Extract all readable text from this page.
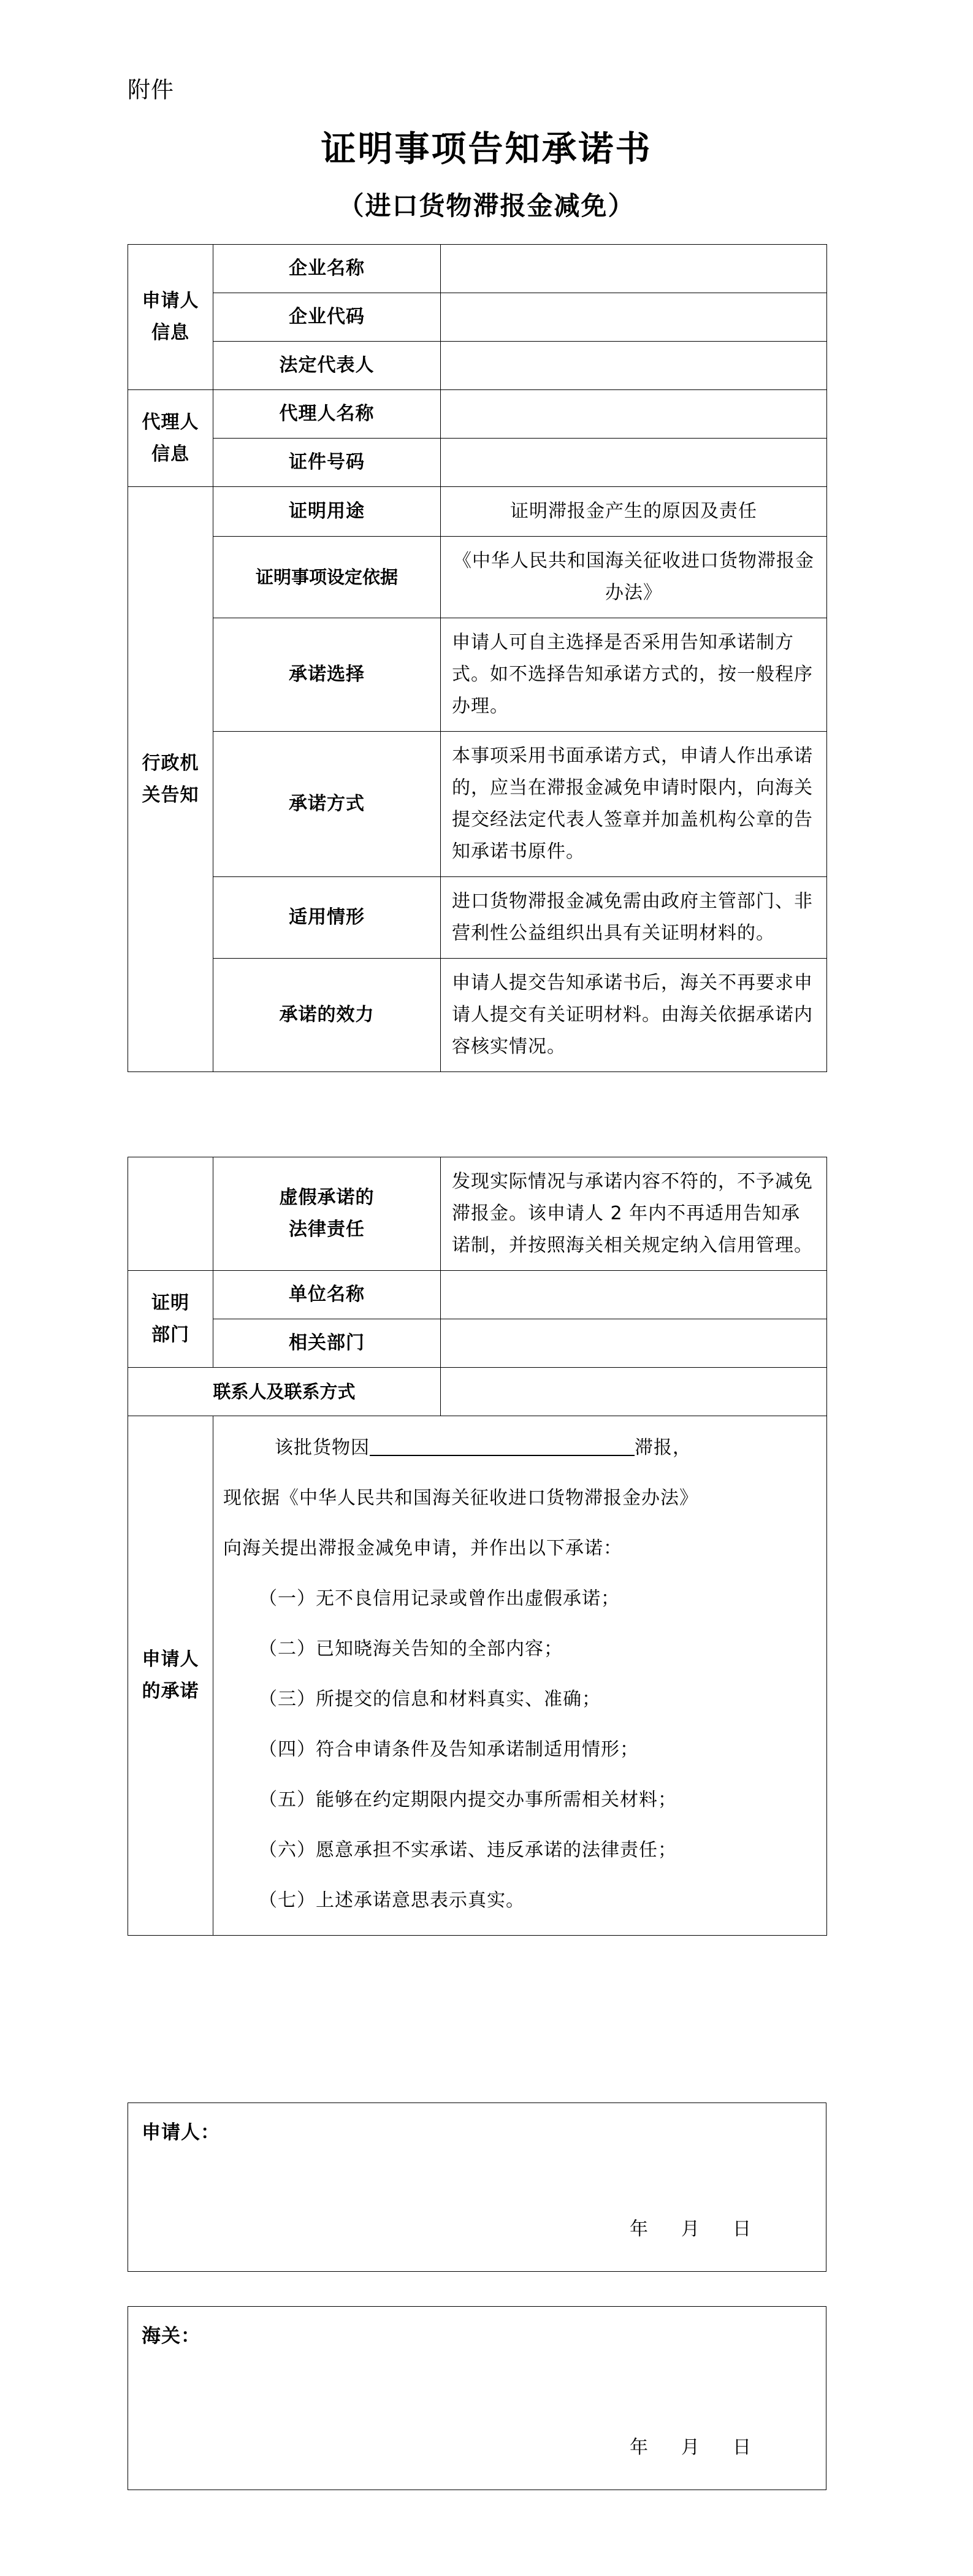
附件
证明事项告知承诺书
（进口货物滞报金减免）
申请人
信息	企业名称	
	企业代码	
	法定代表人	

代理人
信息	代理人名称	
	证件号码	

行政机
关告知	证明用途	证明滞报金产生的原因及责任
	证明事项设定依据	《中华人民共和国海关征收进口货物滞报金办法》
	承诺选择	申请人可自主选择是否采用告知承诺制方式。如不选择告知承诺方式的，按一般程序办理。
	承诺方式	本事项采用书面承诺方式，申请人作出承诺的，应当在滞报金减免申请时限内，向海关提交经法定代表人签章并加盖机构公章的告知承诺书原件。
	适用情形	进口货物滞报金减免需由政府主管部门、非营利性公益组织出具有关证明材料的。
	承诺的效力	申请人提交告知承诺书后，海关不再要求申请人提交有关证明材料。由海关依据承诺内容核实情况。

	虚假承诺的
法律责任	发现实际情况与承诺内容不符的，不予减免滞报金。该申请人 2 年内不再适用告知承诺制，并按照海关相关规定纳入信用管理。

证明
部门	单位名称	
	相关部门	
联系人及联系方式		

申请人
的承诺

该批货物因	滞报，
现依据《中华人民共和国海关征收进口货物滞报金办法》
向海关提出滞报金减免申请，并作出以下承诺：
（一）无不良信用记录或曾作出虚假承诺；
（二）已知晓海关告知的全部内容；
（三）所提交的信息和材料真实、准确；
（四）符合申请条件及告知承诺制适用情形；
（五）能够在约定期限内提交办事所需相关材料；
（六）愿意承担不实承诺、违反承诺的法律责任；
（七）上述承诺意思表示真实。
申请人：
年 月 日
海关：
年 月 日
